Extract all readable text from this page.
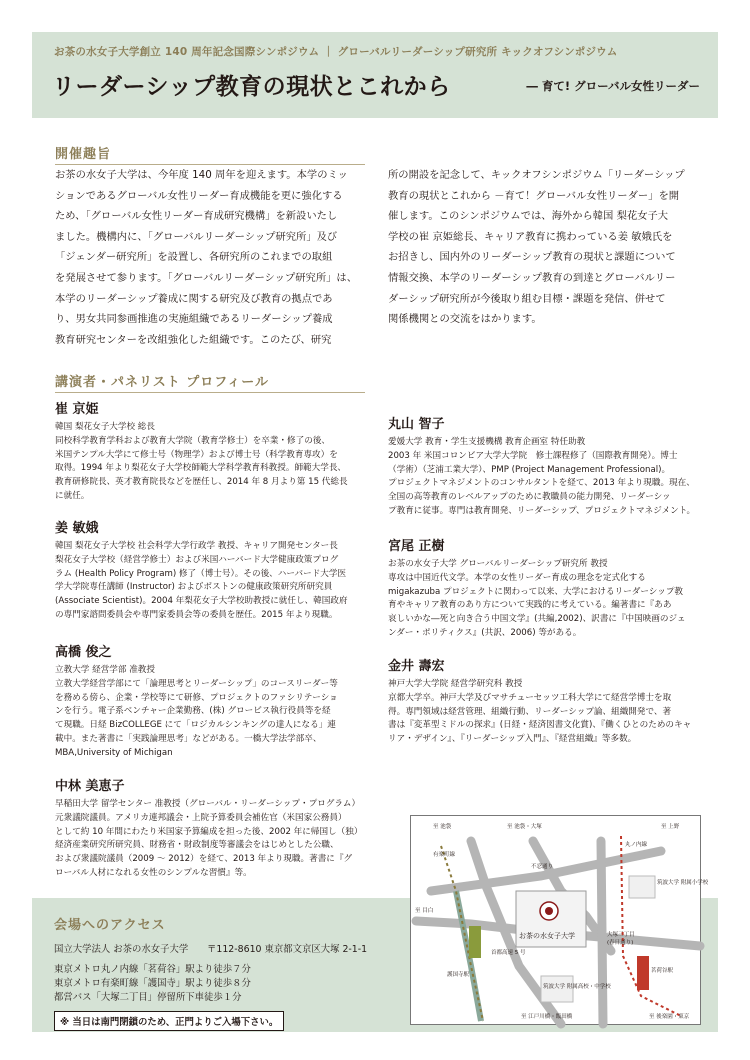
お茶の水女子大学創立 140 周年記念国際シンポジウム ｜ グローバルリーダーシップ研究所 キックオフシンポジウム
リーダーシップ教育の現状とこれから	― 育て! グローバル女性リーダー
開催趣旨

お茶の水女子大学は、今年度 140 周年を迎えます。本学のミッ

ションであるグローバル女性リーダー育成機能を更に強化する

ため、「グローバル女性リーダー育成研究機構」を新設いたし

ました。機構内に、「グローバルリーダーシップ研究所」及び

「ジェンダー研究所」を設置し、各研究所のこれまでの取組

を発展させて参ります。「グローバルリーダーシップ研究所」は、

本学のリーダーシップ養成に関する研究及び教育の拠点であ

り、男女共同参画推進の実施組織であるリーダーシップ養成

教育研究センターを改組強化した組織です。このたび、研究

所の開設を記念して、キックオフシンポジウム「リーダーシップ

教育の現状とこれから －育て！グローバル女性リーダー」を開

催します。このシンポジウムでは、海外から韓国 梨花女子大

学校の崔 京姫総長、キャリア教育に携わっている姜 敏娥氏を

お招きし、国内外のリーダーシップ教育の現状と課題について

情報交換、本学のリーダーシップ教育の到達とグローバルリー

ダーシップ研究所が今後取り組む目標・課題を発信、併せて

関係機関との交流をはかります。

講演者・パネリスト プロフィール
崔 京姫
韓国 梨花女子大学校 総長

同校科学教育学科および教育大学院（教育学修士）を卒業・修了の後、

米国テンプル大学にて修士号（物理学）および博士号（科学教育専攻）を

取得。1994 年より梨花女子大学校師範大学科学教育科教授。師範大学長、

教育研修院長、英才教育院長などを歴任し、2014 年 8 月より第 15 代総長

に就任。

姜 敏娥
韓国 梨花女子大学校 社会科学大学行政学 教授、キャリア開発センター長

梨花女子大学校（経営学修士）および米国ハーバード大学健康政策プログ

ラム (Health Policy Program) 修了（博士号）。その後、ハーバード大学医

学大学院専任講師 (Instructor) およびボストンの健康政策研究所研究員

(Associate Scientist)。2004 年梨花女子大学校助教授に就任し、韓国政府

の専門家諮問委員会や専門家委員会等の委員を歴任。2015 年より現職。

高橋 俊之
立教大学 経営学部 准教授

立教大学経営学部にて「論理思考とリーダーシップ」のコースリーダー等

を務める傍ら、企業・学校等にて研修、プロジェクトのファシリテーショ

ンを行う。電子系ベンチャー企業勤務、(株) グロービス執行役員等を経

て現職。日経 BizCOLLEGE にて「ロジカルシンキングの達人になる」連

載中。また著書に「実践論理思考」などがある。一橋大学法学部卒、

MBA,University of Michigan

中林 美恵子
早稲田大学 留学センター 准教授（グローバル・リーダーシップ・プログラム）

元衆議院議員。アメリカ連邦議会・上院予算委員会補佐官（米国家公務員）

として約 10 年間にわたり米国家予算編成を担った後、2002 年に帰国し（独）

経済産業研究所研究員、財務省・財政制度等審議会をはじめとした公職、

および衆議院議員（2009 ～ 2012）を経て、2013 年より現職。著書に『グ

ローバル人材になれる女性のシンプルな習慣』等。

丸山 智子
愛媛大学 教育・学生支援機構 教育企画室 特任助教

2003 年 米国コロンビア大学大学院　修士課程修了（国際教育開発）。博士

（学術）（芝浦工業大学）、PMP (Project Management Professional)。

プロジェクトマネジメントのコンサルタントを経て、2013 年より現職。現在、

全国の高等教育のレベルアップのために教職員の能力開発、リーダーシッ

プ教育に従事。専門は教育開発、リーダーシップ、プロジェクトマネジメント。

宮尾 正樹
お茶の水女子大学 グローバルリーダーシップ研究所 教授

専攻は中国近代文学。本学の女性リーダー育成の理念を定式化する

migakazuba プロジェクトに関わって以来、大学におけるリーダーシップ教

育やキャリア教育のあり方について実践的に考えている。編著書に『ああ

哀しいかな―死と向き合う中国文学』(共編,2002)、訳書に『中国映画のジェ

ンダー・ポリティクス』(共訳、2006) 等がある。

金井 壽宏
神戸大学大学院 経営学研究科 教授

京都大学卒。神戸大学及びマサチューセッツ工科大学にて経営学博士を取

得。専門領域は経営管理、組織行動、リーダーシップ論、組織開発で、著

書は『変革型ミドルの探求』(日経・経済図書文化賞)、『働くひとのためのキャ

リア・デザイン』、『リーダーシップ入門』、『経営組織』等多数。

会場へのアクセス
国立大学法人 お茶の水女子大学　　〒112-8610 東京都文京区大塚 2-1-1
東京メトロ丸ノ内線「茗荷谷」駅より徒歩７分
東京メトロ有楽町線「護国寺」駅より徒歩８分
都営バス「大塚二丁目」停留所下車徒歩１分
※ 当日は南門閉鎖のため、正門よりご入場下さい。
至 池袋	至 池袋・大塚	至 上野
至 目白
至 江戸川橋・飯田橋	至 後楽園・東京
不忍通り
首都高速 5 号
お茶の水女子大学
筑波大学 附属小学校
筑波大学 附属高校・中学校
茗荷谷駅
護国寺駅
丸ノ内線
有楽町線
大塚三丁目
(春日通り)
